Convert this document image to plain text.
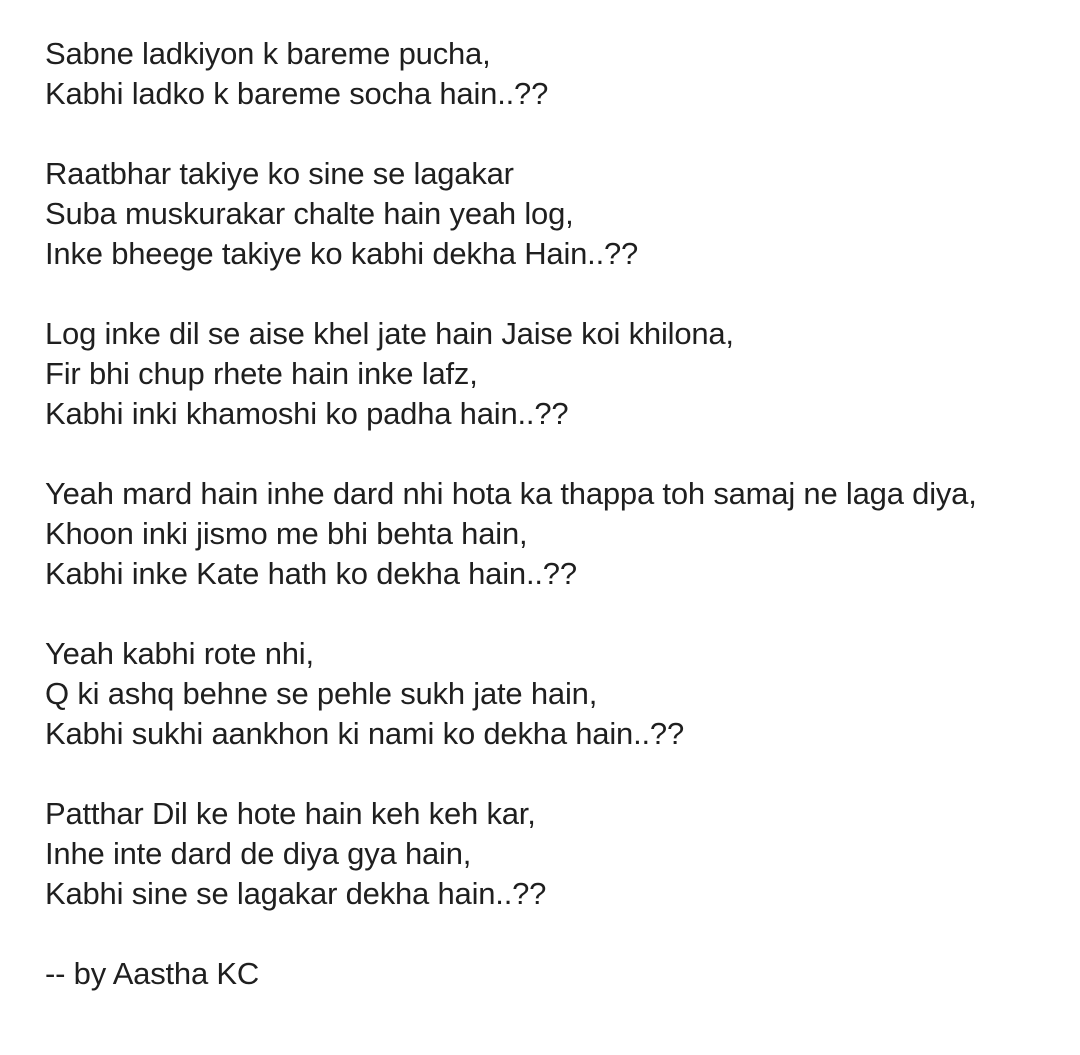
Sabne ladkiyon k bareme pucha,
Kabhi ladko k bareme socha hain..??
Raatbhar takiye ko sine se lagakar
Suba muskurakar chalte hain yeah log,
Inke bheege takiye ko kabhi dekha Hain..??
Log inke dil se aise khel jate hain Jaise koi khilona,
Fir bhi chup rhete hain inke lafz,
Kabhi inki khamoshi ko padha hain..??
Yeah mard hain inhe dard nhi hota ka thappa toh samaj ne laga diya,
Khoon inki jismo me bhi behta hain,
Kabhi inke Kate hath ko dekha hain..??
Yeah kabhi rote nhi,
Q ki ashq behne se pehle sukh jate hain,
Kabhi sukhi aankhon ki nami ko dekha hain..??
Patthar Dil ke hote hain keh keh kar,
Inhe inte dard de diya gya hain,
Kabhi sine se lagakar dekha hain..??
-- by Aastha KC
